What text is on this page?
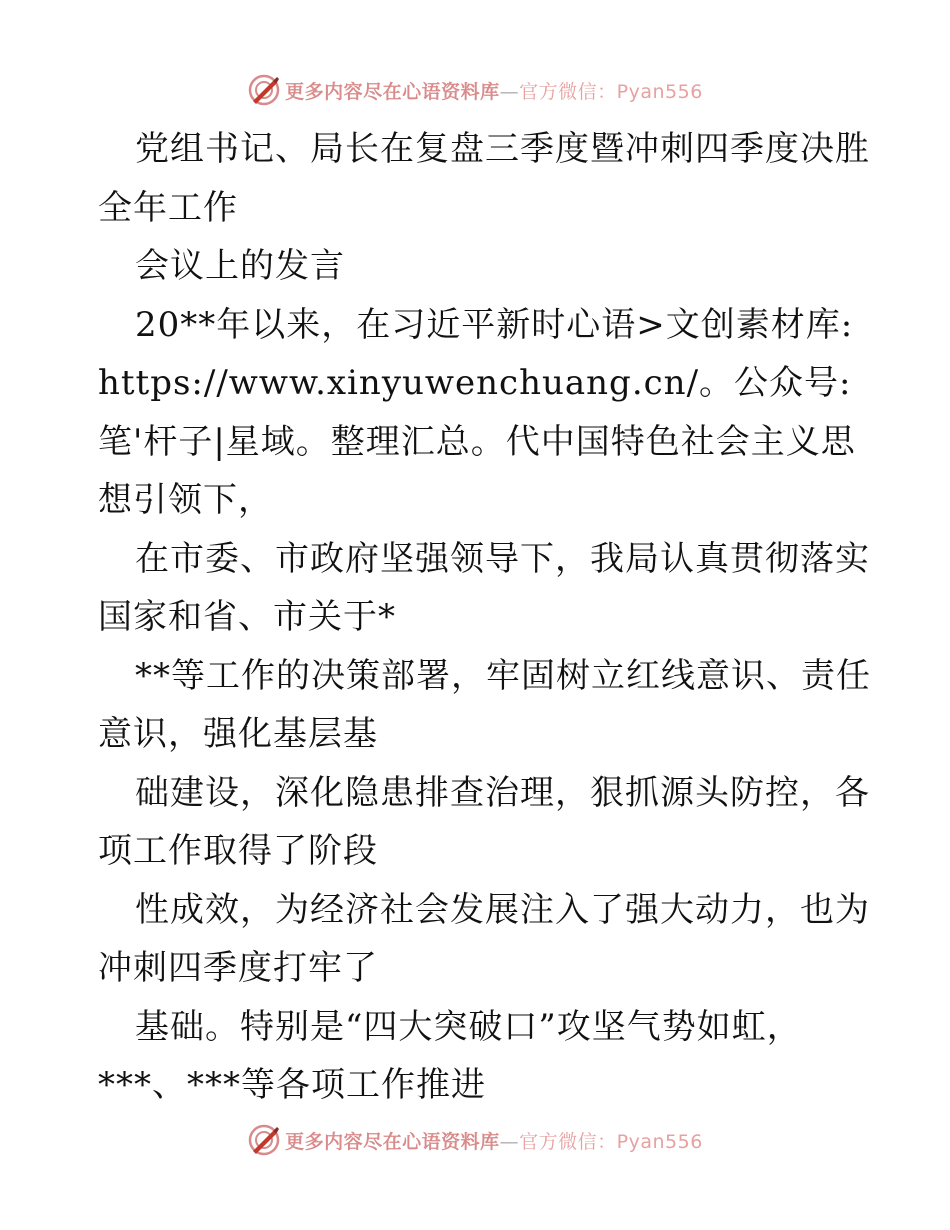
更多内容尽在心语资料库—官方微信：Pyan556
党组书记、局长在复盘三季度暨冲刺四季度决胜
全年工作
会议上的发言
20**年以来，在习近平新时心语>文创素材库:
https://www.xinyuwenchuang.cn/。公众号:
笔'杆子|星域。整理汇总。代中国特色社会主义思
想引领下，
在市委、市政府坚强领导下，我局认真贯彻落实
国家和省、市关于*
**等工作的决策部署，牢固树立红线意识、责任
意识，强化基层基
础建设，深化隐患排查治理，狠抓源头防控，各
项工作取得了阶段
性成效，为经济社会发展注入了强大动力，也为
冲刺四季度打牢了
基础。特别是“四大突破口”攻坚气势如虹，
***、***等各项工作推进
更多内容尽在心语资料库—官方微信：Pyan556
